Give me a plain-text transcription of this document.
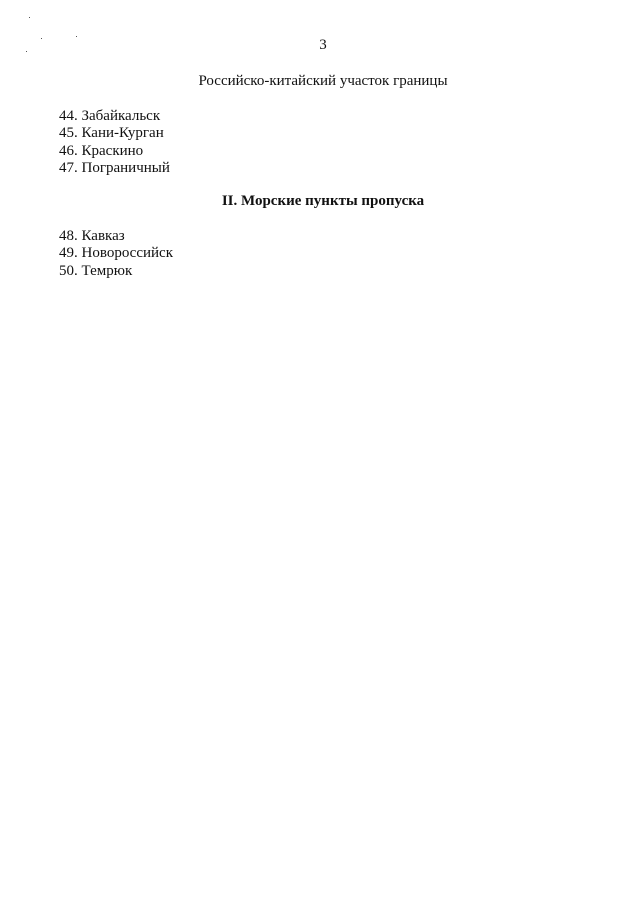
3
Российско-китайский участок границы
44. Забайкальск
45. Кани-Курган
46. Краскино
47. Пограничный
II. Морские пункты пропуска
48. Кавказ
49. Новороссийск
50. Темрюк
